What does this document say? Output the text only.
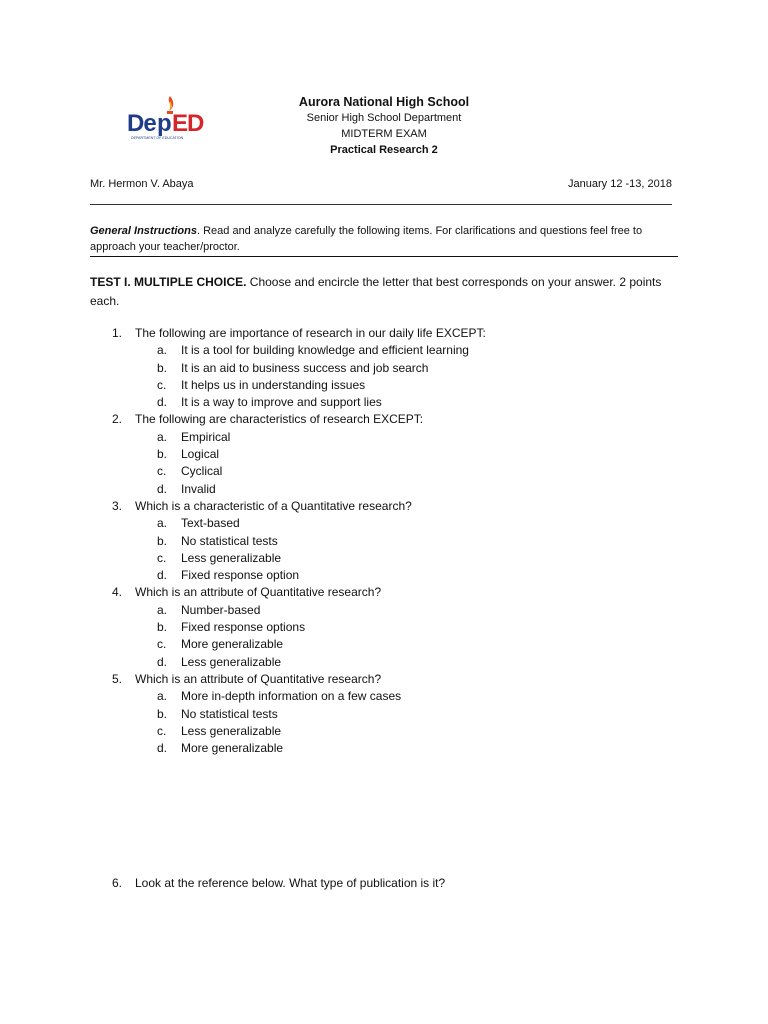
De p ED
DEPARTMENT OF EDUCATION
Aurora National High School
Senior High School Department
MIDTERM EXAM
Practical Research 2
Mr. Hermon V. Abaya	January 12 -13, 2018
General Instructions. Read and analyze carefully the following items. For clarifications and questions feel free to approach your teacher/proctor.
TEST I. MULTIPLE CHOICE. Choose and encircle the letter that best corresponds on your answer. 2 points each.
1. The following are importance of research in our daily life EXCEPT:
a. It is a tool for building knowledge and efficient learning
b. It is an aid to business success and job search
c. It helps us in understanding issues
d. It is a way to improve and support lies
2. The following are characteristics of research EXCEPT:
a. Empirical
b. Logical
c. Cyclical
d. Invalid
3. Which is a characteristic of a Quantitative research?
a. Text-based
b. No statistical tests
c. Less generalizable
d. Fixed response option
4. Which is an attribute of Quantitative research?
a. Number-based
b. Fixed response options
c. More generalizable
d. Less generalizable
5. Which is an attribute of Quantitative research?
a. More in-depth information on a few cases
b. No statistical tests
c. Less generalizable
d. More generalizable
6. Look at the reference below. What type of publication is it?
